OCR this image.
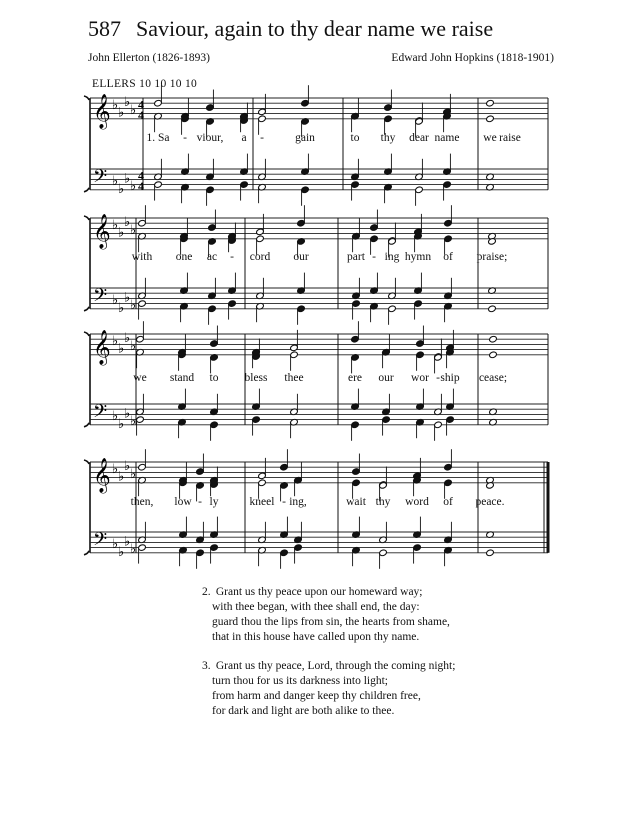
587 Saviour, again to thy dear name we raise
John Ellerton (1826-1893)	Edward John Hopkins (1818-1901)
ELLERS 10 10 10 10
𝄞 ♭
♭
♭
♭ 4
4
𝄢 ♭
♭
♭
♭
4
4
𝄞 ♭
♭
♭
♭
𝄢 ♭
♭
♭
♭
𝄞 ♭
♭
♭
♭
𝄢 ♭
♭
♭
♭
𝄞 ♭
♭
♭
♭
𝄢 ♭
♭
♭
♭
1. Sa - viour, a -	gain	to thy dear name we raise
with one ac - cord our	part - ing hymn of praise;
we stand to bless thee	ere our wor - ship cease;
then, low - ly	kneel - ing,	wait thy word of peace.
2. Grant us thy peace upon our homeward way;
with thee began, with thee shall end, the day:
guard thou the lips from sin, the hearts from shame,
that in this house have called upon thy name.
3. Grant us thy peace, Lord, through the coming night;
turn thou for us its darkness into light;
from harm and danger keep thy children free,
for dark and light are both alike to thee.
